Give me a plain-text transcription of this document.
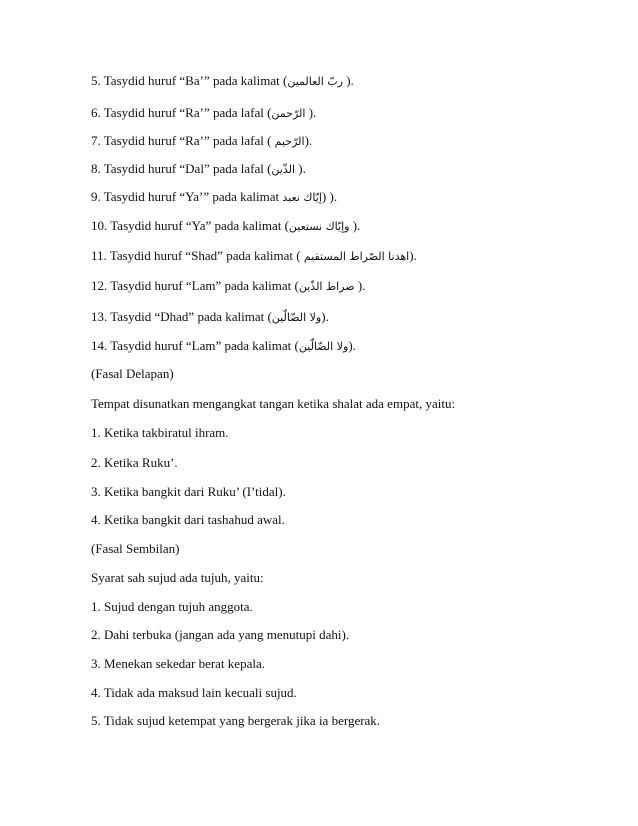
5. Tasydid huruf “Ba’” pada kalimat (ربّ العالمين ).
6. Tasydid huruf “Ra’” pada lafal (الرّحمن ).
7. Tasydid huruf “Ra’” pada lafal ( الرّحيم).
8. Tasydid huruf “Dal” pada lafal (الذّين ).
9. Tasydid huruf “Ya’” pada kalimat إيّاك نعبد) ).
10. Tasydid huruf “Ya” pada kalimat (وإيّاك نستعين ).
11. Tasydid huruf “Shad” pada kalimat ( اهدنا الصّراط المستقيم).
12. Tasydid huruf “Lam” pada kalimat (صراط الذّين ).
13. Tasydid “Dhad” pada kalimat (ولا الضّالّين).
14. Tasydid huruf “Lam” pada kalimat (ولا الضّالّين).
(Fasal Delapan)
Tempat disunatkan mengangkat tangan ketika shalat ada empat, yaitu:
1. Ketika takbiratul ihram.
2. Ketika Ruku’.
3. Ketika bangkit dari Ruku’ (I’tidal).
4. Ketika bangkit dari tashahud awal.
(Fasal Sembilan)
Syarat sah sujud ada tujuh, yaitu:
1. Sujud dengan tujuh anggota.
2. Dahi terbuka (jangan ada yang menutupi dahi).
3. Menekan sekedar berat kepala.
4. Tidak ada maksud lain kecuali sujud.
5. Tidak sujud ketempat yang bergerak jika ia bergerak.
